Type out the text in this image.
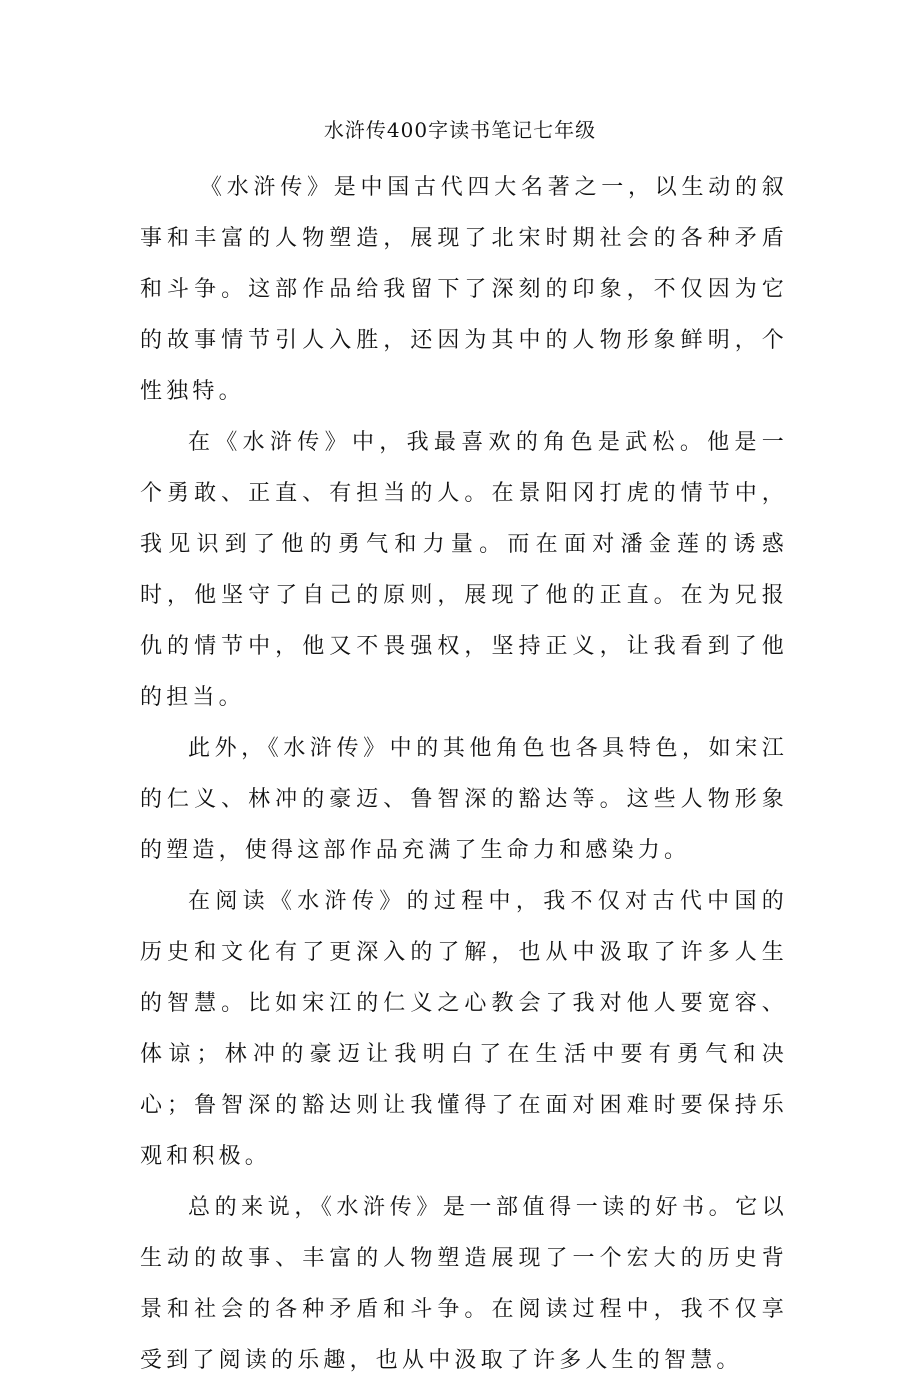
水浒传400字读书笔记七年级

《水浒传》是中国古代四大名著之一，以生动的叙事和丰富的人物塑造，展现了北宋时期社会的各种矛盾和斗争。这部作品给我留下了深刻的印象，不仅因为它的故事情节引人入胜，还因为其中的人物形象鲜明，个性独特。

在《水浒传》中，我最喜欢的角色是武松。他是一个勇敢、正直、有担当的人。在景阳冈打虎的情节中，我见识到了他的勇气和力量。而在面对潘金莲的诱惑时，他坚守了自己的原则，展现了他的正直。在为兄报仇的情节中，他又不畏强权，坚持正义，让我看到了他的担当。

此外，《水浒传》中的其他角色也各具特色，如宋江的仁义、林冲的豪迈、鲁智深的豁达等。这些人物形象的塑造，使得这部作品充满了生命力和感染力。

在阅读《水浒传》的过程中，我不仅对古代中国的历史和文化有了更深入的了解，也从中汲取了许多人生的智慧。比如宋江的仁义之心教会了我对他人要宽容、体谅；林冲的豪迈让我明白了在生活中要有勇气和决心；鲁智深的豁达则让我懂得了在面对困难时要保持乐观和积极。

总的来说，《水浒传》是一部值得一读的好书。它以生动的故事、丰富的人物塑造展现了一个宏大的历史背景和社会的各种矛盾和斗争。在阅读过程中，我不仅享受到了阅读的乐趣，也从中汲取了许多人生的智慧。
